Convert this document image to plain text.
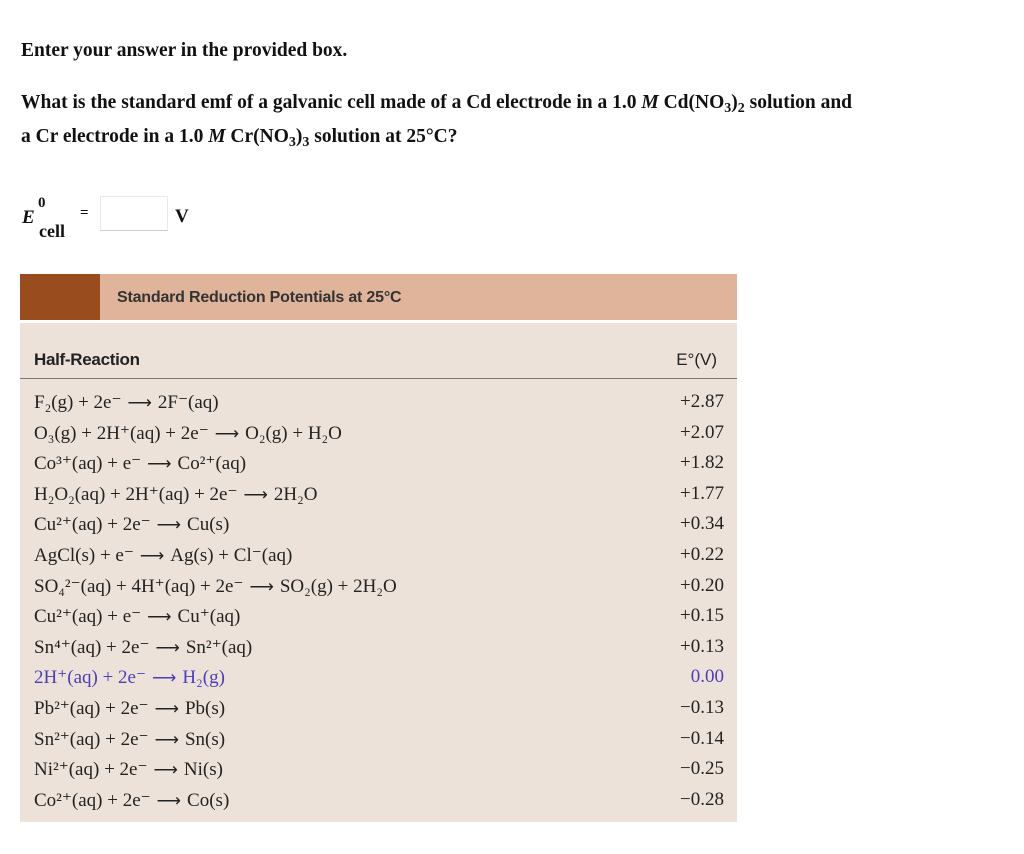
Enter your answer in the provided box.
What is the standard emf of a galvanic cell made of a Cd electrode in a 1.0 M $Cd(NO_3)_2$ solution and
a Cr electrode in a 1.0 M $Cr(NO_3)_3$ solution at 25°C?
E
0
cell
=	V
Standard Reduction Potentials at 25°C
Half-Reaction	E°(V)
F₂(g) + 2e⁻ ⟶ 2F⁻(aq)	+2.87
O₃(g) + 2H⁺(aq) + 2e⁻ ⟶ O₂(g) + H₂O	+2.07
Co³⁺(aq) + e⁻ ⟶ Co²⁺(aq)	+1.82
H₂O₂(aq) + 2H⁺(aq) + 2e⁻ ⟶ 2H₂O	+1.77
Cu²⁺(aq) + 2e⁻ ⟶ Cu(s)	+0.34
AgCl(s) + e⁻ ⟶ Ag(s) + Cl⁻(aq)	+0.22
SO₄²⁻(aq) + 4H⁺(aq) + 2e⁻ ⟶ SO₂(g) + 2H₂O	+0.20
Cu²⁺(aq) + e⁻ ⟶ Cu⁺(aq)	+0.15
Sn⁴⁺(aq) + 2e⁻ ⟶ Sn²⁺(aq)	+0.13
2H⁺(aq) + 2e⁻ ⟶ H₂(g)	0.00
Pb²⁺(aq) + 2e⁻ ⟶ Pb(s)	−0.13
Sn²⁺(aq) + 2e⁻ ⟶ Sn(s)	−0.14
Ni²⁺(aq) + 2e⁻ ⟶ Ni(s)	−0.25
Co²⁺(aq) + 2e⁻ ⟶ Co(s)	−0.28
